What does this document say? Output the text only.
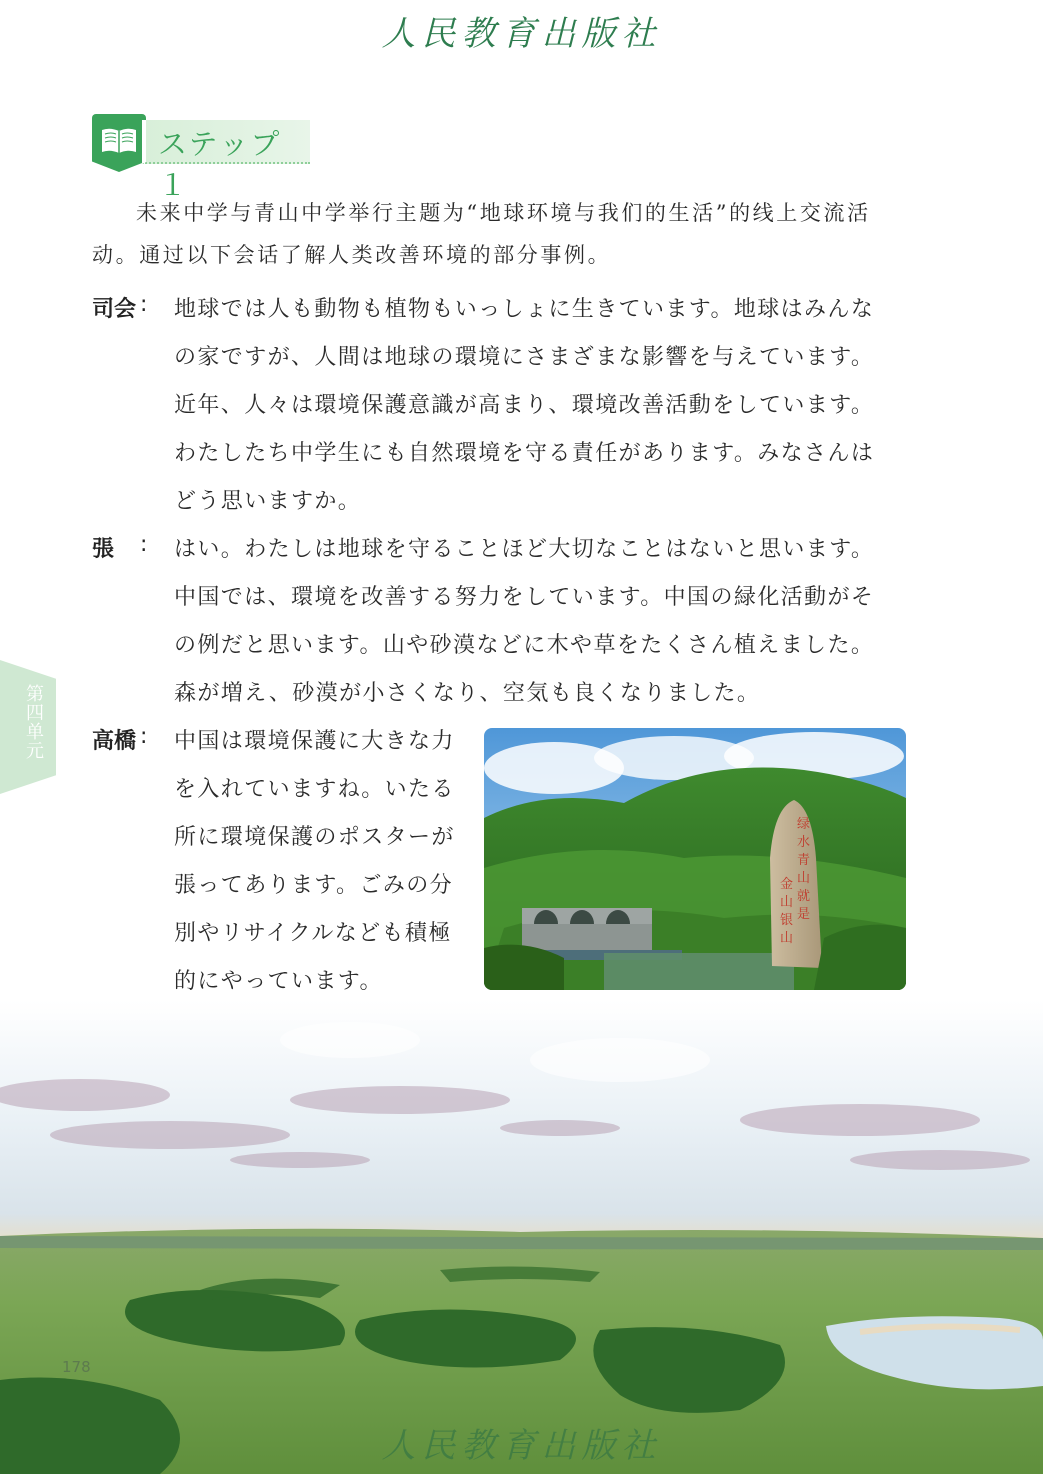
人民教育出版社
ステップ１
未来中学与青山中学举行主题为“地球环境与我们的生活”的线上交流活动。通过以下会话了解人类改善环境的部分事例。
司会 : 地球では人も動物も植物もいっしょに生きています。地球はみんな
の家ですが、人間は地球の環境にさまざまな影響を与えています。
近年、人々は環境保護意識が高まり、環境改善活動をしています。
わたしたち中学生にも自然環境を守る責任があります。みなさんは
どう思いますか。
張 : はい。わたしは地球を守ることほど大切なことはないと思います。
中国では、環境を改善する努力をしています。中国の緑化活動がそ
の例だと思います。山や砂漠などに木や草をたくさん植えました。
森が増え、砂漠が小さくなり、空気も良くなりました。
高橋 : 中国は環境保護に大きな力
を入れていますね。いたる
所に環境保護のポスターが
張ってあります。ごみの分
別やリサイクルなども積極
的にやっています。
第四单元
绿
水
青
山
就
是
金
山
银
山
178
人民教育出版社
